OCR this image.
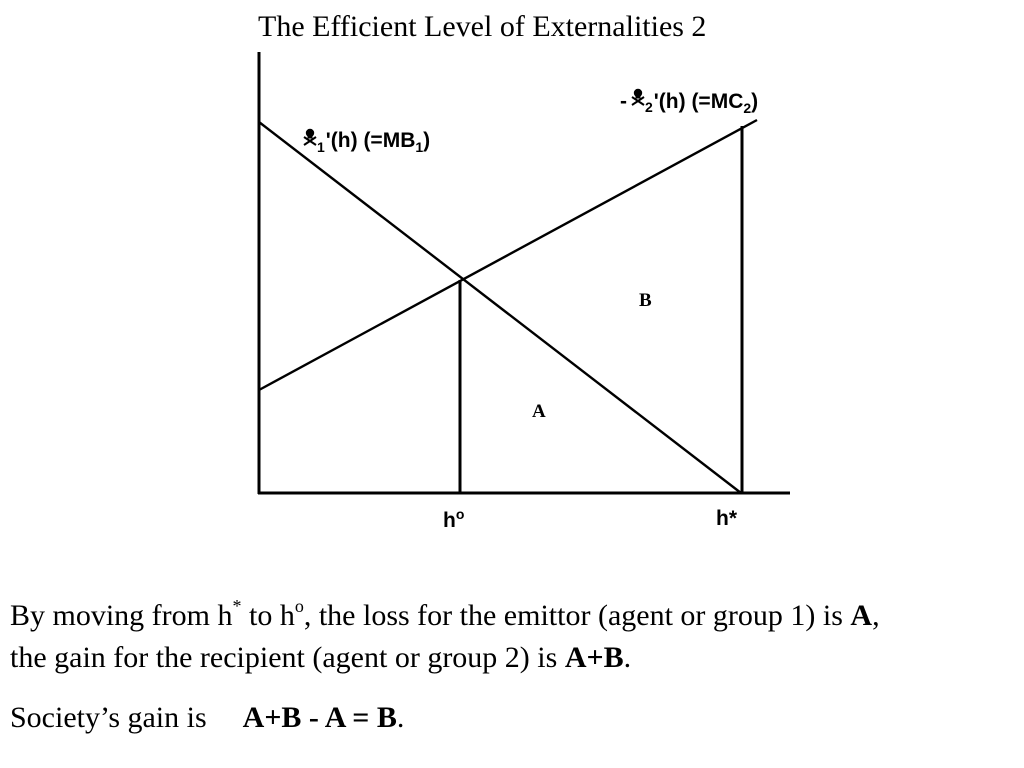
The Efficient Level of Externalities 2
1'(h) (=MB1)
- 2'(h) (=MC2)
A
B
ho	h*
By moving from h* to $h^o$, the loss for the emittor (agent or group 1) is A,
the gain for the recipient (agent or group 2) is A+B.
Society’s gain is A+B - A = B.
